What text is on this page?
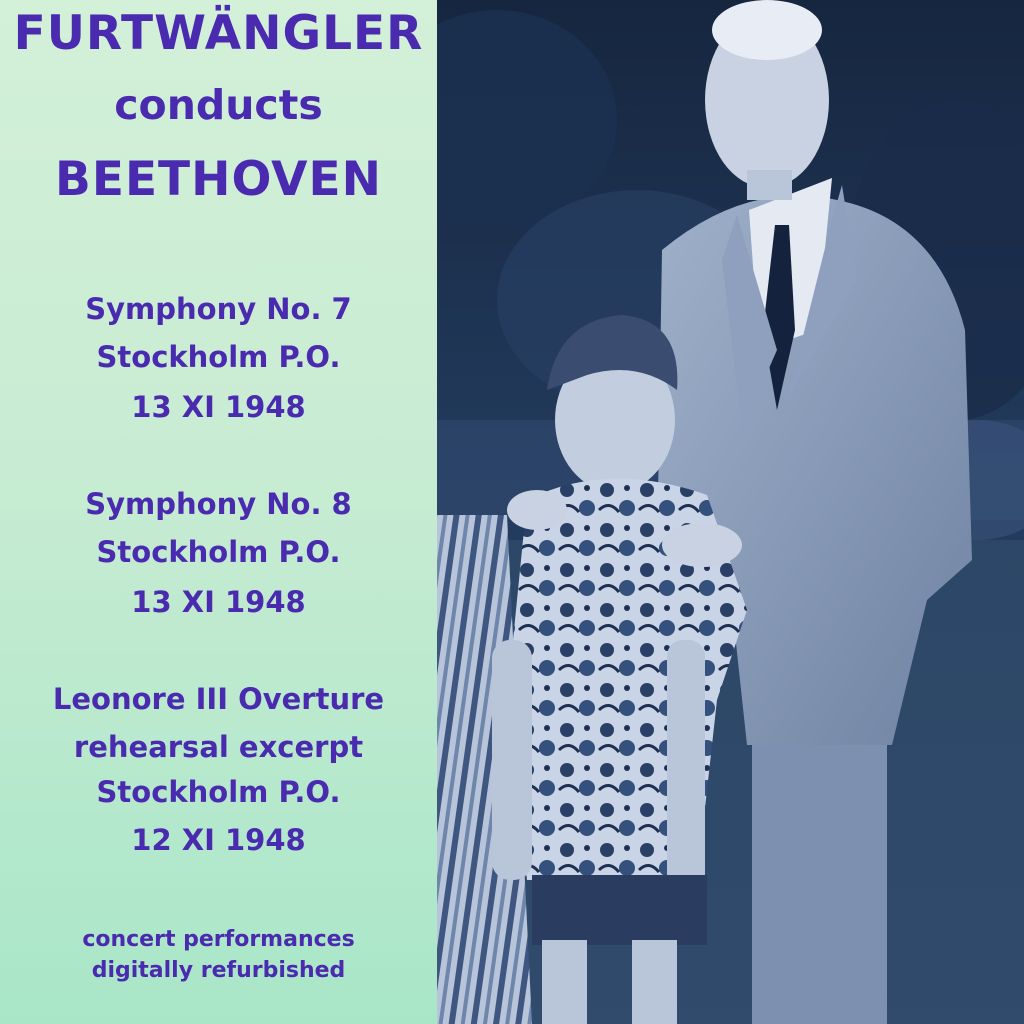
FURTWÄNGLER
conducts
BEETHOVEN
Symphony No. 7
Stockholm P.O.
13 XI 1948
Symphony No. 8
Stockholm P.O.
13 XI 1948
Leonore III Overture
rehearsal excerpt
Stockholm P.O.
12 XI 1948
concert performances
digitally refurbished
